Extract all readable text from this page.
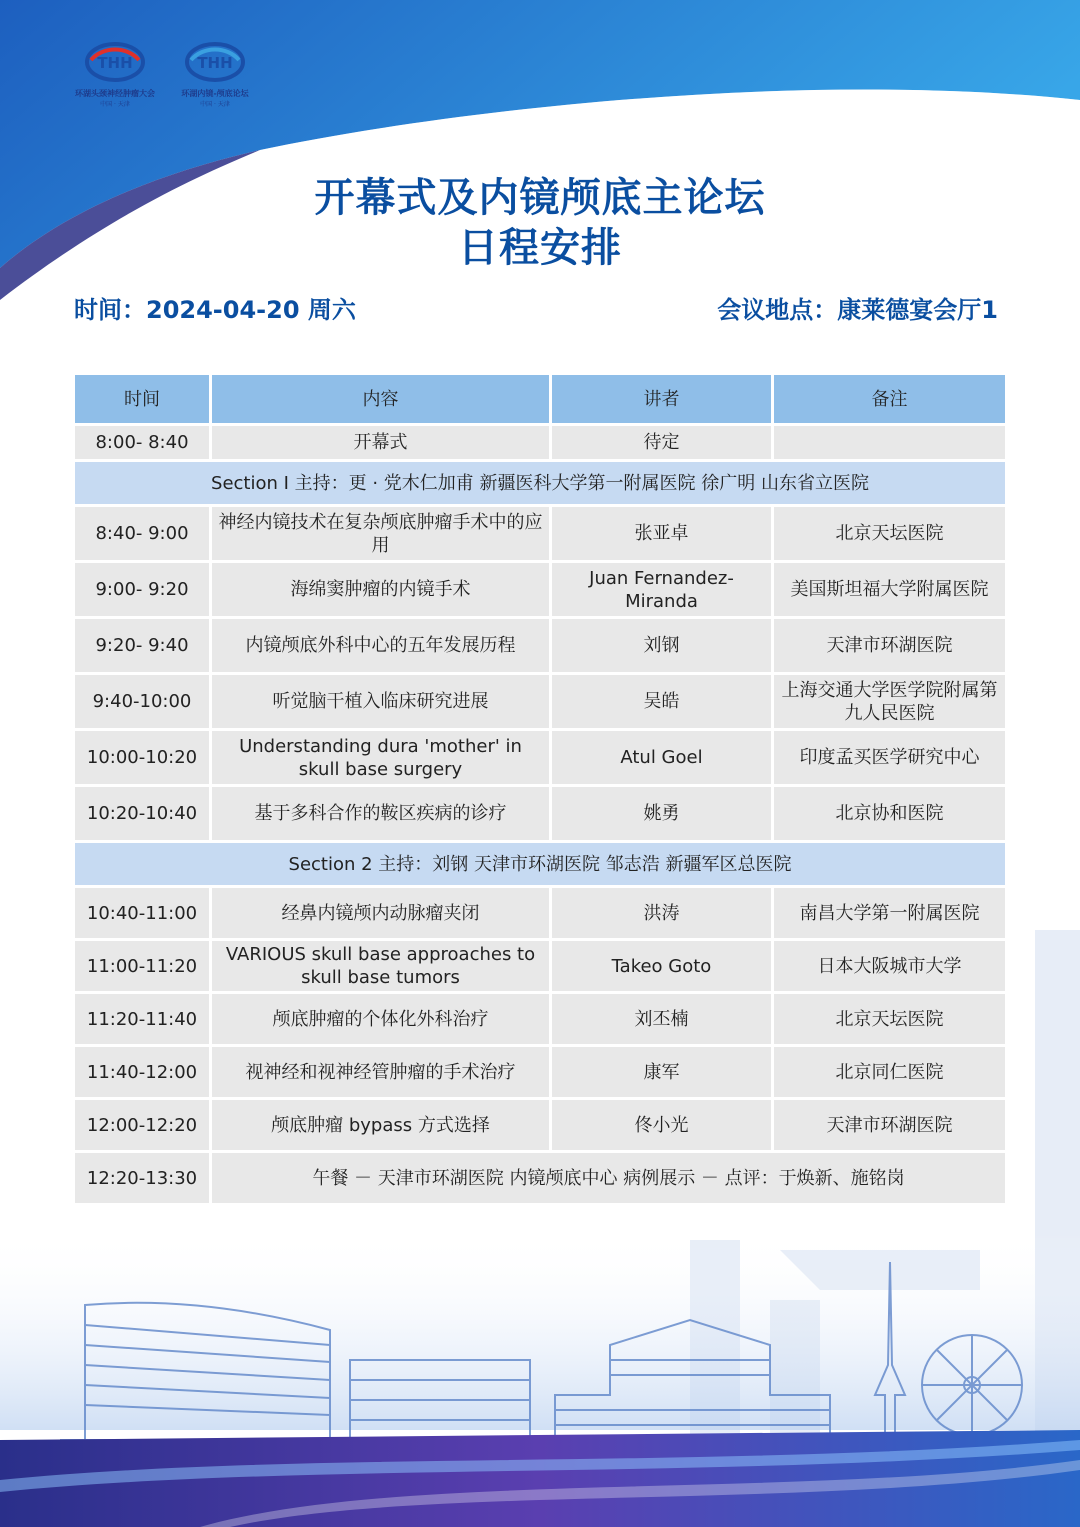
THH
环湖头颈神经肿瘤大会
中国 · 天津
THH
环湖内镜-颅底论坛
中国 · 天津
开幕式及内镜颅底主论坛
日程安排
时间：2024-04-20 周六	会议地点：康莱德宴会厅1
时间	内容	讲者	备注
8:00- 8:40	开幕式	待定	
Section I 主持：更 · 党木仁加甫 新疆医科大学第一附属医院 徐广明 山东省立医院			
8:40- 9:00	神经内镜技术在复杂颅底肿瘤手术中的应用	张亚卓	北京天坛医院
9:00- 9:20	海绵窦肿瘤的内镜手术	Juan Fernandez-Miranda	美国斯坦福大学附属医院
9:20- 9:40	内镜颅底外科中心的五年发展历程	刘钢	天津市环湖医院
9:40-10:00	听觉脑干植入临床研究进展	吴皓	上海交通大学医学院附属第九人民医院
10:00-10:20	Understanding dura 'mother' in skull base surgery	Atul Goel	印度孟买医学研究中心
10:20-10:40	基于多科合作的鞍区疾病的诊疗	姚勇	北京协和医院
Section 2 主持：刘钢 天津市环湖医院 邹志浩 新疆军区总医院			
10:40-11:00	经鼻内镜颅内动脉瘤夹闭	洪涛	南昌大学第一附属医院
11:00-11:20	VARIOUS skull base approaches to skull base tumors	Takeo Goto	日本大阪城市大学
11:20-11:40	颅底肿瘤的个体化外科治疗	刘丕楠	北京天坛医院
11:40-12:00	视神经和视神经管肿瘤的手术治疗	康军	北京同仁医院
12:00-12:20	颅底肿瘤 bypass 方式选择	佟小光	天津市环湖医院
12:20-13:30	午餐 － 天津市环湖医院 内镜颅底中心 病例展示 － 点评：于焕新、施铭岗		
